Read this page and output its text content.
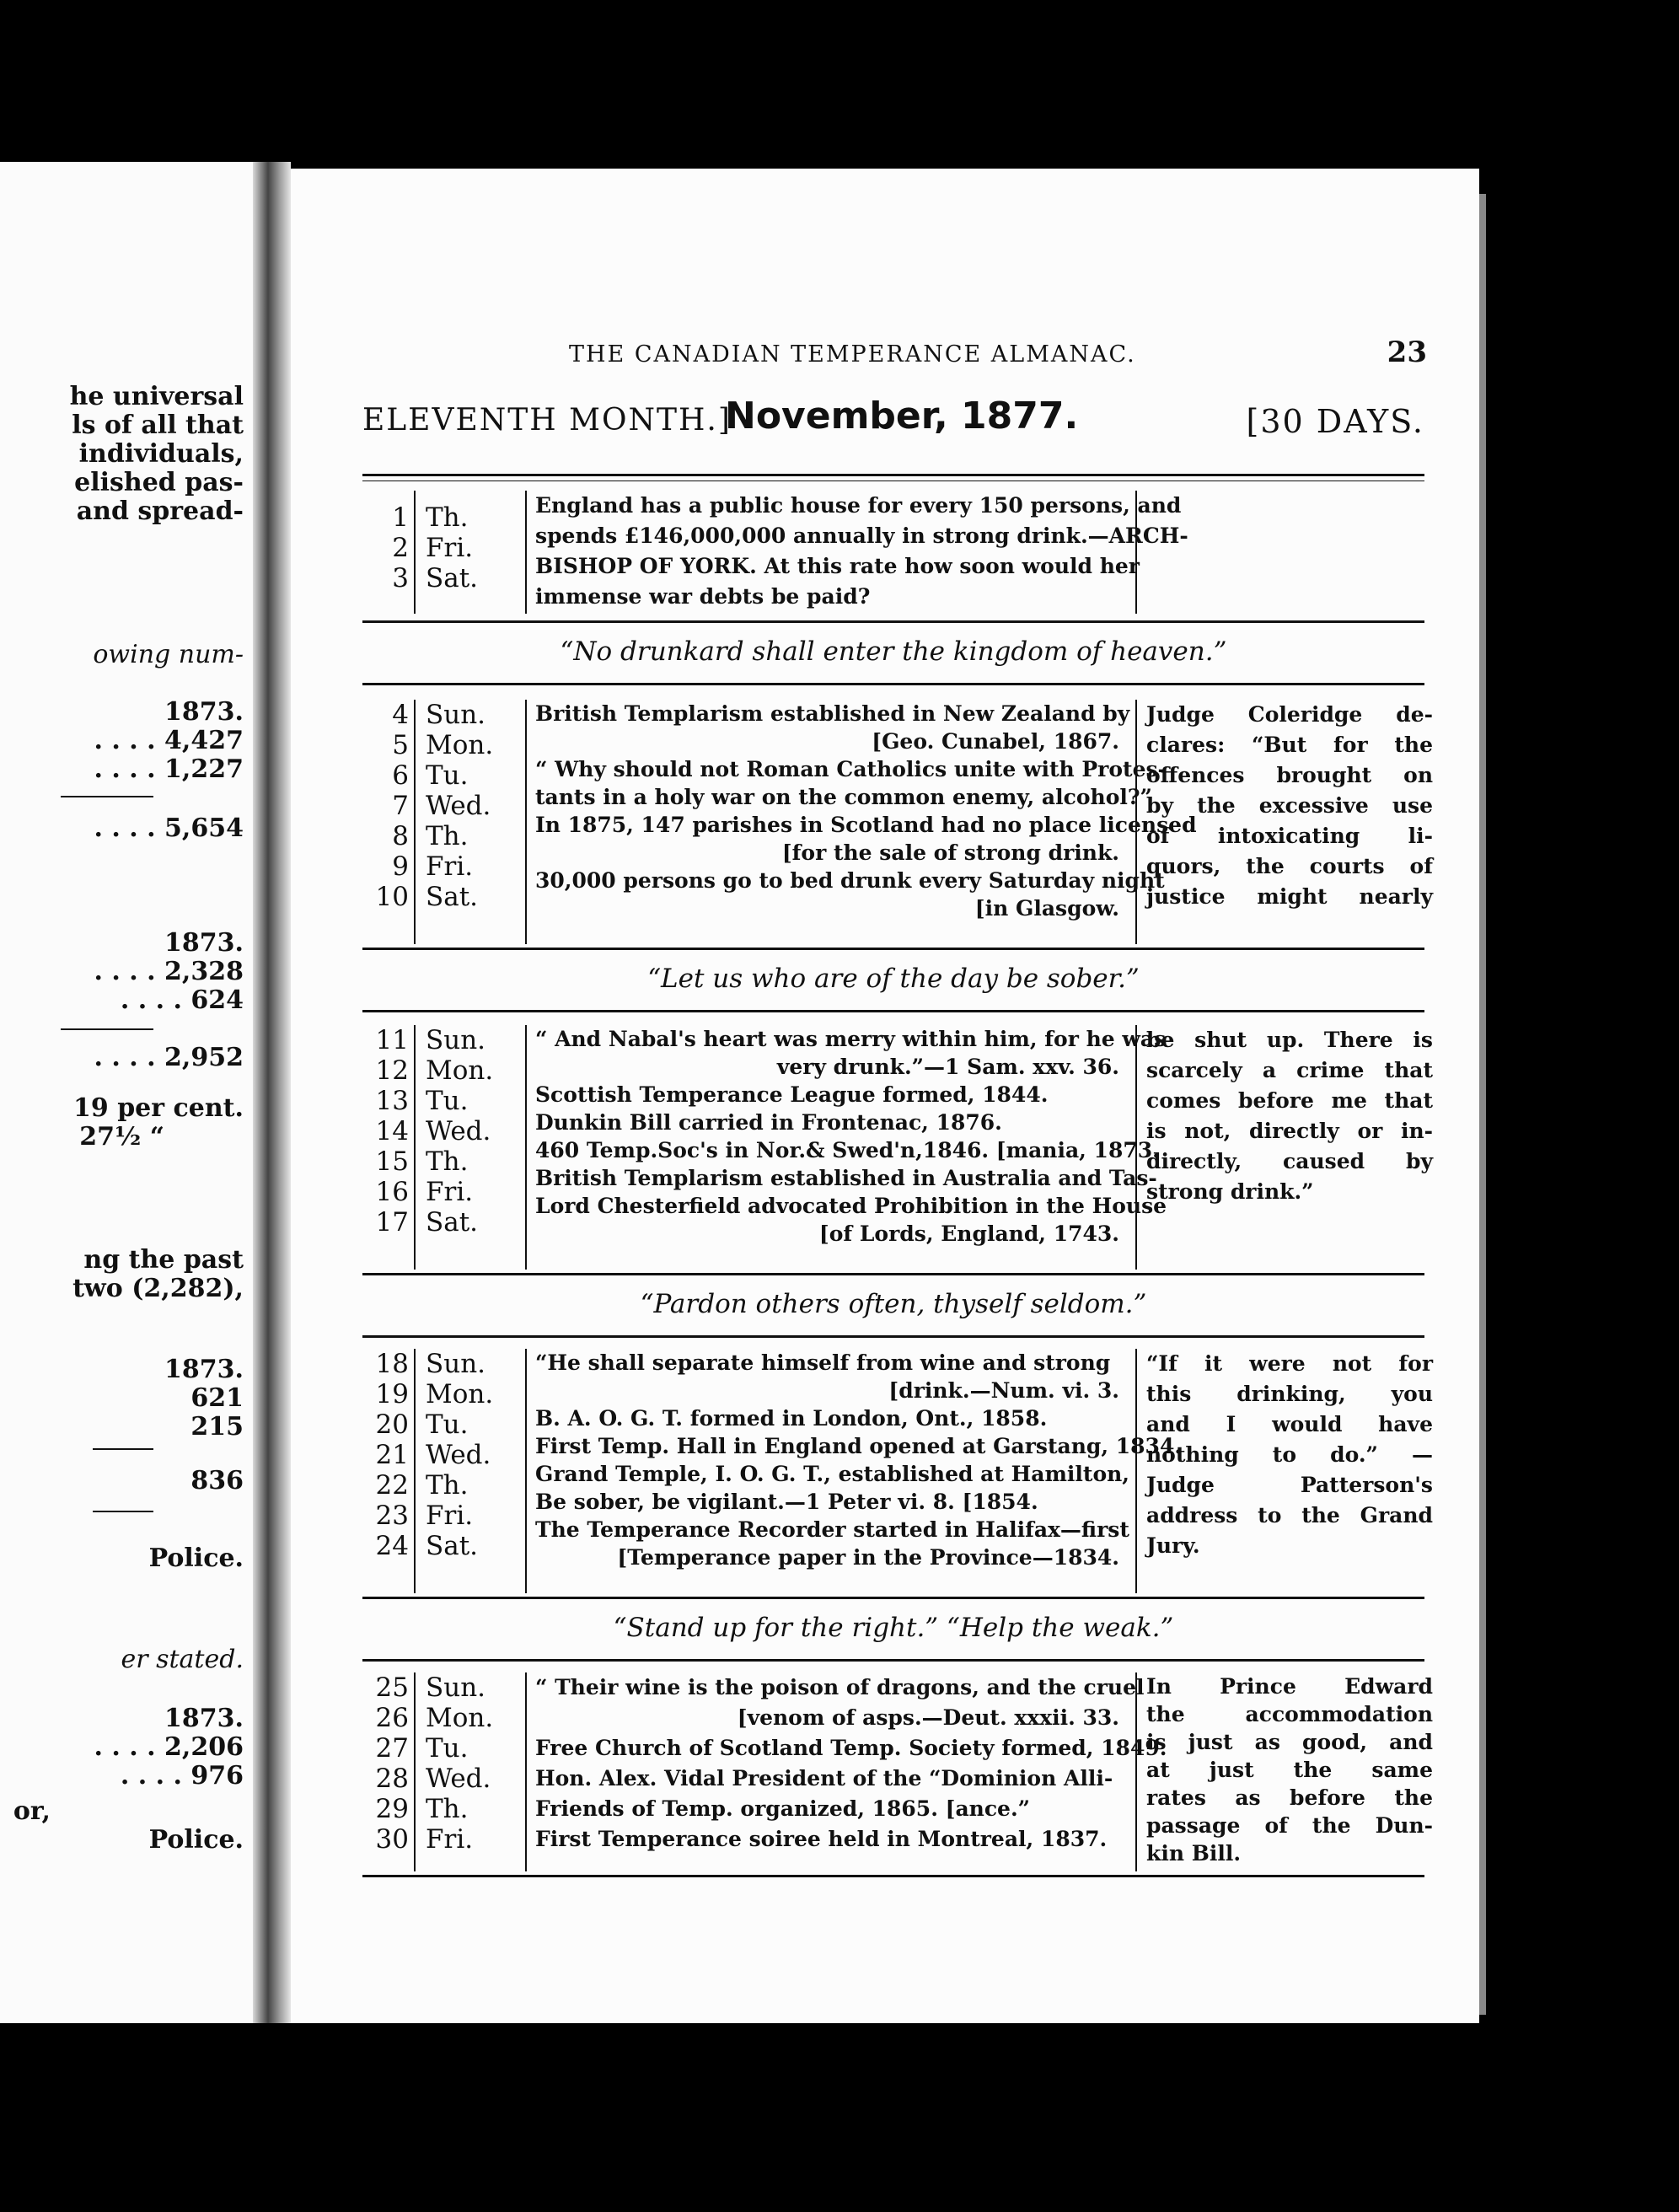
he universal
ls of all that
individuals,
elished pas-
and spread-
owing num-
1873.
. . . . 4,427
. . . . 1,227
. . . . 5,654
1873.
. . . . 2,328
. . . . 624
. . . . 2,952
19 per cent.
27½ “
ng the past
two (2,282),
1873.
621
215
836
Police.
er stated.
1873.
. . . . 2,206
. . . . 976
or,
Police.
THE CANADIAN TEMPERANCE ALMANAC.	23
ELEVENTH MONTH.]
November, 1877.	[30 DAYS.
1
2
3
Th.
Fri.
Sat.
England has a public house for every 150 persons, and
spends £146,000,000 annually in strong drink.—ARCH-
BISHOP OF YORK. At this rate how soon would her
immense war debts be paid?
“No drunkard shall enter the kingdom of heaven.”
4
5
6
7
8
9
10
Sun.
Mon.
Tu.
Wed.
Th.
Fri.
Sat.
British Templarism established in New Zealand by
[Geo. Cunabel, 1867.
“ Why should not Roman Catholics unite with Protes-
tants in a holy war on the common enemy, alcohol?”
In 1875, 147 parishes in Scotland had no place licensed
[for the sale of strong drink.
30,000 persons go to bed drunk every Saturday night
[in Glasgow.
Judge Coleridge de-
clares: “But for the
offences brought on
by the excessive use
of intoxicating li-
quors, the courts of
justice might nearly
“Let us who are of the day be sober.”
11
12
13
14
15
16
17
Sun.
Mon.
Tu.
Wed.
Th.
Fri.
Sat.
“ And Nabal's heart was merry within him, for he was
very drunk.”—1 Sam. xxv. 36.
Scottish Temperance League formed, 1844.
Dunkin Bill carried in Frontenac, 1876.
460 Temp.Soc's in Nor.& Swed'n,1846. [mania, 1873.
British Templarism established in Australia and Tas-
Lord Chesterfield advocated Prohibition in the House
[of Lords, England, 1743.
be shut up. There is
scarcely a crime that
comes before me that
is not, directly or in-
directly, caused by
strong drink.”
“Pardon others often, thyself seldom.”
18
19
20
21
22
23
24
Sun.
Mon.
Tu.
Wed.
Th.
Fri.
Sat.
“He shall separate himself from wine and strong
[drink.—Num. vi. 3.
B. A. O. G. T. formed in London, Ont., 1858.
First Temp. Hall in England opened at Garstang, 1834.
Grand Temple, I. O. G. T., established at Hamilton,
Be sober, be vigilant.—1 Peter vi. 8. [1854.
The Temperance Recorder started in Halifax—first
[Temperance paper in the Province—1834.
“If it were not for
this drinking, you
and I would have
nothing to do.” —
Judge Patterson's
address to the Grand
Jury.
“Stand up for the right.” “Help the weak.”
25
26
27
28
29
30
Sun.
Mon.
Tu.
Wed.
Th.
Fri.
“ Their wine is the poison of dragons, and the cruel
[venom of asps.—Deut. xxxii. 33.
Free Church of Scotland Temp. Society formed, 1849.
Hon. Alex. Vidal President of the “Dominion Alli-
Friends of Temp. organized, 1865. [ance.”
First Temperance soiree held in Montreal, 1837.
In Prince Edward
the accommodation
is just as good, and
at just the same
rates as before the
passage of the Dun-
kin Bill.
